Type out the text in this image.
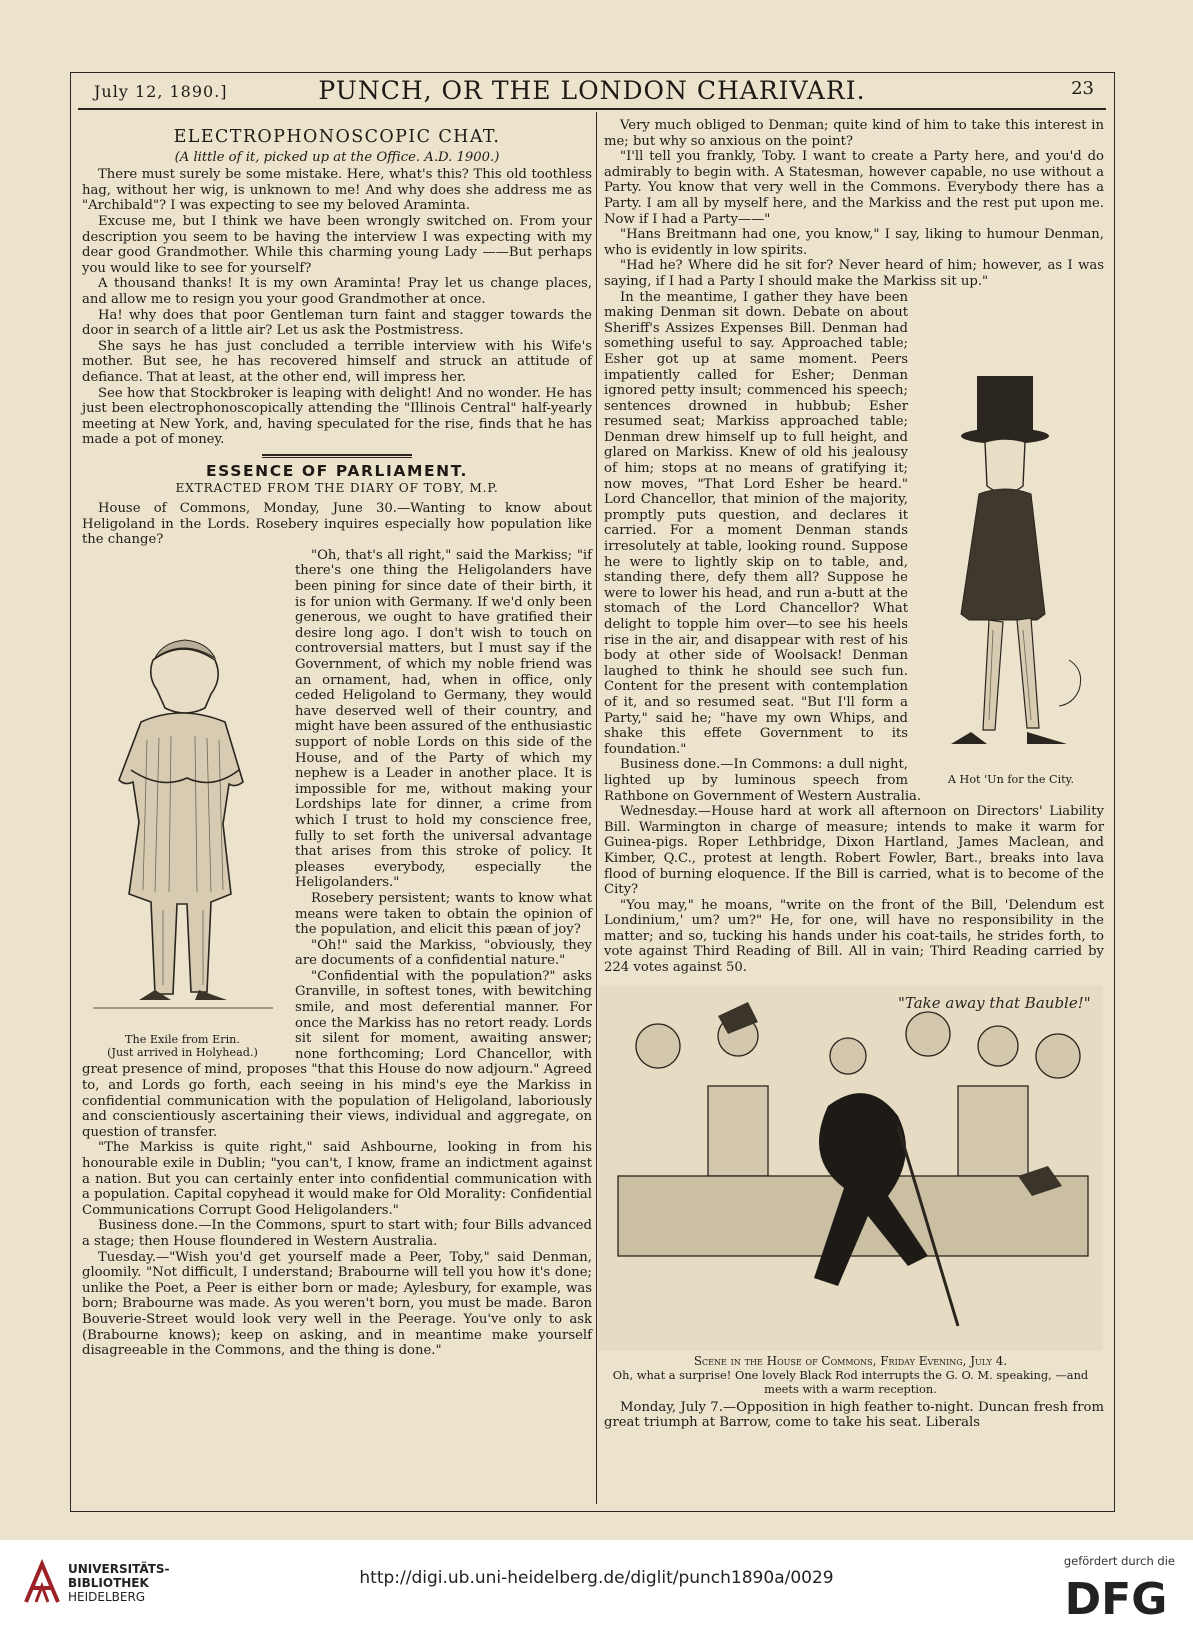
July 12, 1890.]	PUNCH, OR THE LONDON CHARIVARI.	23
ELECTROPHONOSCOPIC CHAT.
(A little of it, picked up at the Office. A.D. 1900.)

There must surely be some mistake. Here, what's this? This old toothless hag, without her wig, is unknown to me! And why does she address me as "Archibald"? I was expecting to see my beloved Araminta.

Excuse me, but I think we have been wrongly switched on. From your description you seem to be having the interview I was expecting with my dear good Grandmother. While this charming young Lady ——But perhaps you would like to see for yourself?

A thousand thanks! It is my own Araminta! Pray let us change places, and allow me to resign you your good Grandmother at once.

Ha! why does that poor Gentleman turn faint and stagger towards the door in search of a little air? Let us ask the Postmistress.

She says he has just concluded a terrible interview with his Wife's mother. But see, he has recovered himself and struck an attitude of defiance. That at least, at the other end, will impress her.

See how that Stockbroker is leaping with delight! And no wonder. He has just been electrophonoscopically attending the "Illinois Central" half-yearly meeting at New York, and, having speculated for the rise, finds that he has made a pot of money.

ESSENCE OF PARLIAMENT.
EXTRACTED FROM THE DIARY OF TOBY, M.P.

House of Commons, Monday, June 30.—Wanting to know about Heligoland in the Lords. Rosebery inquires especially how population like the change?

The Exile from Erin.
(Just arrived in Holyhead.)

"Oh, that's all right," said the Markiss; "if there's one thing the Heligolanders have been pining for since date of their birth, it is for union with Germany. If we'd only been generous, we ought to have gratified their desire long ago. I don't wish to touch on controversial matters, but I must say if the Government, of which my noble friend was an ornament, had, when in office, only ceded Heligoland to Germany, they would have deserved well of their country, and might have been assured of the enthusiastic support of noble Lords on this side of the House, and of the Party of which my nephew is a Leader in another place. It is impossible for me, without making your Lordships late for dinner, a crime from which I trust to hold my conscience free, fully to set forth the universal advantage that arises from this stroke of policy. It pleases everybody, especially the Heligolanders."

Rosebery persistent; wants to know what means were taken to obtain the opinion of the population, and elicit this pæan of joy?

"Oh!" said the Markiss, "obviously, they are documents of a confidential nature."

"Confidential with the population?" asks Granville, in softest tones, with bewitching smile, and most deferential manner. For once the Markiss has no retort ready. Lords sit silent for moment, awaiting answer; none forthcoming; Lord Chancellor, with great presence of mind, proposes "that this House do now adjourn." Agreed to, and Lords go forth, each seeing in his mind's eye the Markiss in confidential communication with the population of Heligoland, laboriously and conscientiously ascertaining their views, individual and aggregate, on question of transfer.

"The Markiss is quite right," said Ashbourne, looking in from his honourable exile in Dublin; "you can't, I know, frame an indictment against a nation. But you can certainly enter into confidential communication with a population. Capital copyhead it would make for Old Morality: Confidential Communications Corrupt Good Heligolanders."

Business done.—In the Commons, spurt to start with; four Bills advanced a stage; then House floundered in Western Australia.

Tuesday.—"Wish you'd get yourself made a Peer, Toby," said Denman, gloomily. "Not difficult, I understand; Brabourne will tell you how it's done; unlike the Poet, a Peer is either born or made; Aylesbury, for example, was born; Brabourne was made. As you weren't born, you must be made. Baron Bouverie-Street would look very well in the Peerage. You've only to ask (Brabourne knows); keep on asking, and in meantime make yourself disagreeable in the Commons, and the thing is done."

Very much obliged to Denman; quite kind of him to take this interest in me; but why so anxious on the point?

"I'll tell you frankly, Toby. I want to create a Party here, and you'd do admirably to begin with. A Statesman, however capable, no use without a Party. You know that very well in the Commons. Everybody there has a Party. I am all by myself here, and the Markiss and the rest put upon me. Now if I had a Party——"

"Hans Breitmann had one, you know," I say, liking to humour Denman, who is evidently in low spirits.

"Had he? Where did he sit for? Never heard of him; however, as I was saying, if I had a Party I should make the Markiss sit up."

A Hot 'Un for the City.

In the meantime, I gather they have been making Denman sit down. Debate on about Sheriff's Assizes Expenses Bill. Denman had something useful to say. Approached table; Esher got up at same moment. Peers impatiently called for Esher; Denman ignored petty insult; commenced his speech; sentences drowned in hubbub; Esher resumed seat; Markiss approached table; Denman drew himself up to full height, and glared on Markiss. Knew of old his jealousy of him; stops at no means of gratifying it; now moves, "That Lord Esher be heard." Lord Chancellor, that minion of the majority, promptly puts question, and declares it carried. For a moment Denman stands irresolutely at table, looking round. Suppose he were to lightly skip on to table, and, standing there, defy them all? Suppose he were to lower his head, and run a-butt at the stomach of the Lord Chancellor? What delight to topple him over—to see his heels rise in the air, and disappear with rest of his body at other side of Woolsack! Denman laughed to think he should see such fun. Content for the present with contemplation of it, and so resumed seat. "But I'll form a Party," said he; "have my own Whips, and shake this effete Government to its foundation."

Business done.—In Commons: a dull night, lighted up by luminous speech from Rathbone on Government of Western Australia.

Wednesday.—House hard at work all afternoon on Directors' Liability Bill. Warmington in charge of measure; intends to make it warm for Guinea-pigs. Roper Lethbridge, Dixon Hartland, James Maclean, and Kimber, Q.C., protest at length. Robert Fowler, Bart., breaks into lava flood of burning eloquence. If the Bill is carried, what is to become of the City?

"You may," he moans, "write on the front of the Bill, 'Delendum est Londinium,' um? um?" He, for one, will have no responsibility in the matter; and so, tucking his hands under his coat-tails, he strides forth, to vote against Third Reading of Bill. All in vain; Third Reading carried by 224 votes against 50.

"Take away that Bauble!"
Scene in the House of Commons, Friday Evening, July 4.
Oh, what a surprise! One lovely Black Rod interrupts the G. O. M. speaking, —and meets with a warm reception.

Monday, July 7.—Opposition in high feather to-night. Duncan fresh from great triumph at Barrow, come to take his seat. Liberals

UNIVERSITÄTS-
BIBLIOTHEK
HEIDELBERG
http://digi.ub.uni-heidelberg.de/diglit/punch1890a/0029
gefördert durch die
DFG
